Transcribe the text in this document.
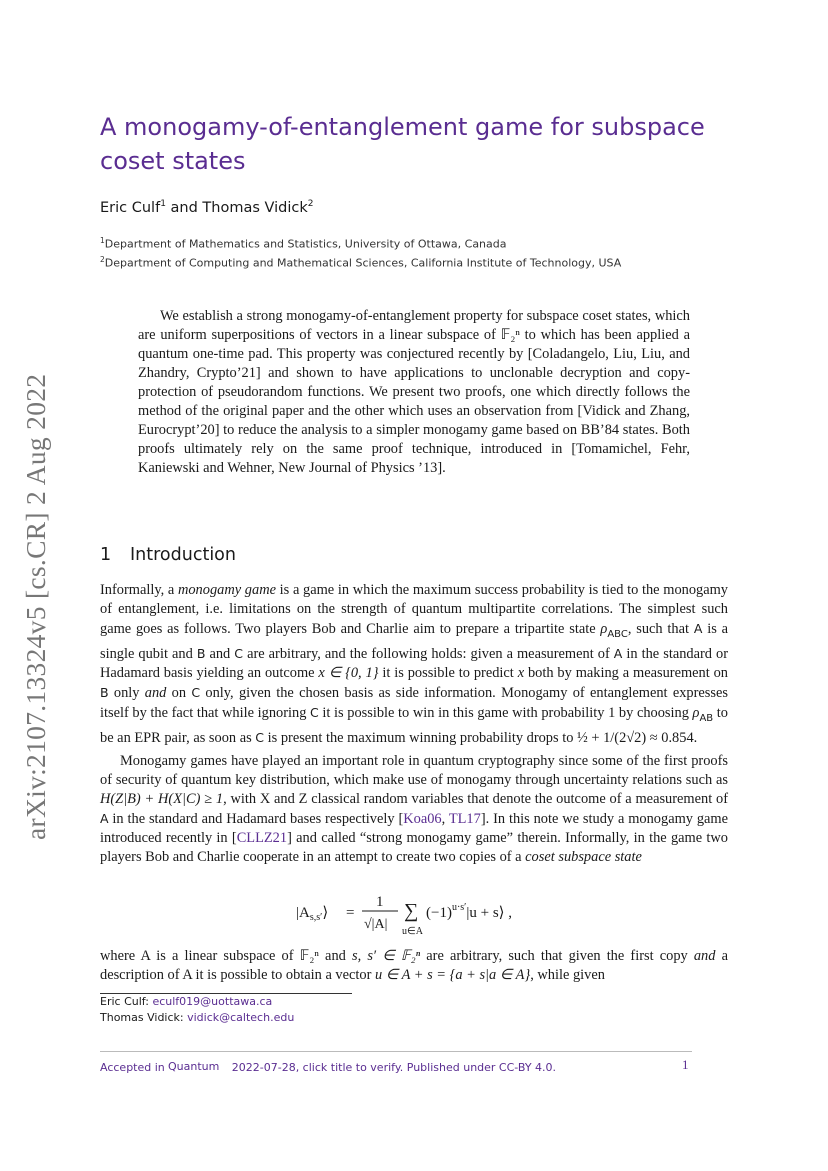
arXiv:2107.13324v5 [cs.CR] 2 Aug 2022
A monogamy-of-entanglement game for subspace coset states
Eric Culf$^1$ and Thomas Vidick$^2$
$^1$Department of Mathematics and Statistics, University of Ottawa, Canada
$^2$Department of Computing and Mathematical Sciences, California Institute of Technology, USA

We establish a strong monogamy-of-entanglement property for subspace coset states, which are uniform superpositions of vectors in a linear subspace of 𝔽₂ⁿ to which has been applied a quantum one-time pad. This property was conjectured recently by [Coladangelo, Liu, Liu, and Zhandry, Crypto’21] and shown to have applications to unclonable decryption and copy-protection of pseudorandom functions. We present two proofs, one which directly follows the method of the original paper and the other which uses an observation from [Vidick and Zhang, Eurocrypt’20] to reduce the analysis to a simpler monogamy game based on BB’84 states. Both proofs ultimately rely on the same proof technique, introduced in [Tomamichel, Fehr, Kaniewski and Wehner, New Journal of Physics ’13].

1 Introduction

Informally, a monogamy game is a game in which the maximum success probability is tied to the monogamy of entanglement, i.e. limitations on the strength of quantum multipartite correlations. The simplest such game goes as follows. Two players Bob and Charlie aim to prepare a tripartite state $\rho_{ABC}$, such that A is a single qubit and B and C are arbitrary, and the following holds: given a measurement of A in the standard or Hadamard basis yielding an outcome x ∈ {0, 1} it is possible to predict x both by making a measurement on B only and on C only, given the chosen basis as side information. Monogamy of entanglement expresses itself by the fact that while ignoring C it is possible to win in this game with probability 1 by choosing $\rho_{AB}$ to be an EPR pair, as soon as C is present the maximum winning probability drops to ½ + 1/(2√2) ≈ 0.854.

Monogamy games have played an important role in quantum cryptography since some of the first proofs of security of quantum key distribution, which make use of monogamy through uncertainty relations such as H(Z|B) + H(X|C) ≥ 1, with X and Z classical random variables that denote the outcome of a measurement of A in the standard and Hadamard bases respectively [Koa06, TL17]. In this note we study a monogamy game introduced recently in [CLLZ21] and called “strong monogamy game” therein. Informally, in the game two players Bob and Charlie cooperate in an attempt to create two copies of a coset subspace state

$|A_{s,s'}⟩$ =
1
√|A|
∑
u∈A
$(-1)^{u\cdot s'}|u$ + s⟩ ,

where A is a linear subspace of 𝔽₂ⁿ and s, s′ ∈ 𝔽₂ⁿ are arbitrary, such that given the first copy and a description of A it is possible to obtain a vector u ∈ A + s = {a + s|a ∈ A}, while given

Eric Culf: eculf019@uottawa.ca
Thomas Vidick: vidick@caltech.edu
Accepted in Quantum 2022-07-28, click title to verify. Published under CC-BY 4.0.	1
